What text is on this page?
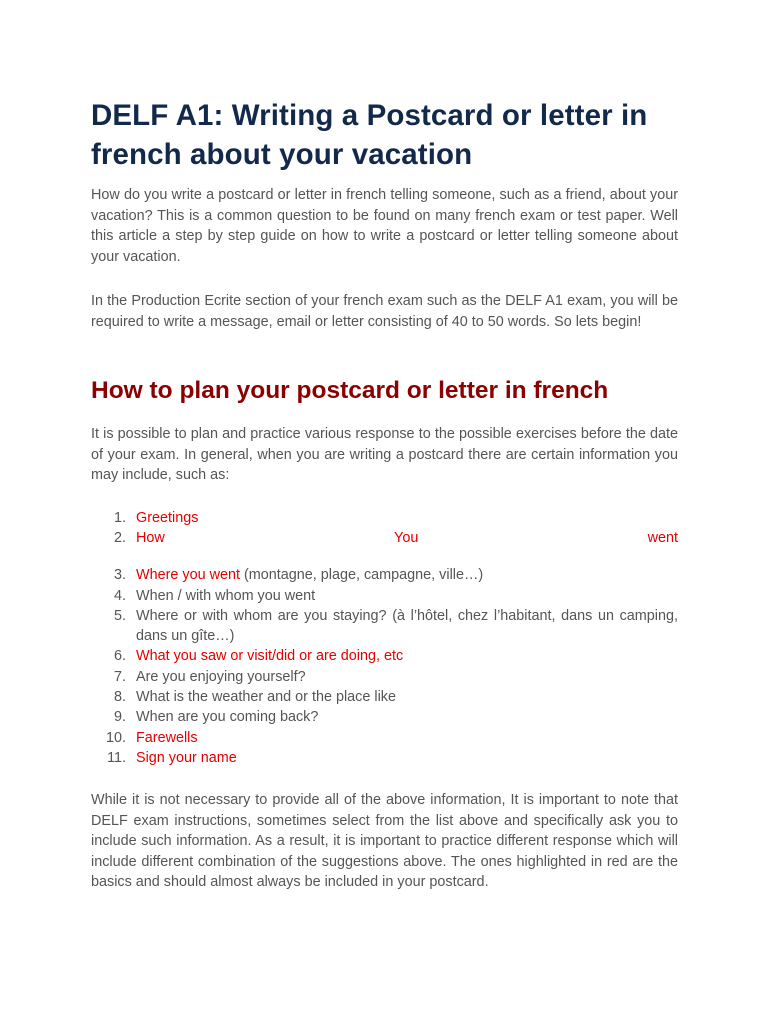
DELF A1: Writing a Postcard or letter in french about your vacation

How do you write a postcard or letter in french telling someone, such as a friend, about your vacation? This is a common question to be found on many french exam or test paper. Well this article a step by step guide on how to write a postcard or letter telling someone about your vacation.

In the Production Ecrite section of your french exam such as the DELF A1 exam, you will be required to write a message, email or letter consisting of 40 to 50 words. So lets begin!

How to plan your postcard or letter in french

It is possible to plan and practice various response to the possible exercises before the date of your exam. In general, when you are writing a postcard there are certain information you may include, such as:

1. Greetings
2. How	You	went
3. Where you went (montagne, plage, campagne, ville…)
4. When / with whom you went
5. Where or with whom are you staying? (à l’hôtel, chez l’habitant, dans un camping, dans un gîte…)
6. What you saw or visit/did or are doing, etc
7. Are you enjoying yourself?
8. What is the weather and or the place like
9. When are you coming back?
10. Farewells
11. Sign your name

While it is not necessary to provide all of the above information, It is important to note that DELF exam instructions, sometimes select from the list above and specifically ask you to include such information. As a result, it is important to practice different response which will include different combination of the suggestions above. The ones highlighted in red are the basics and should almost always be included in your postcard.
